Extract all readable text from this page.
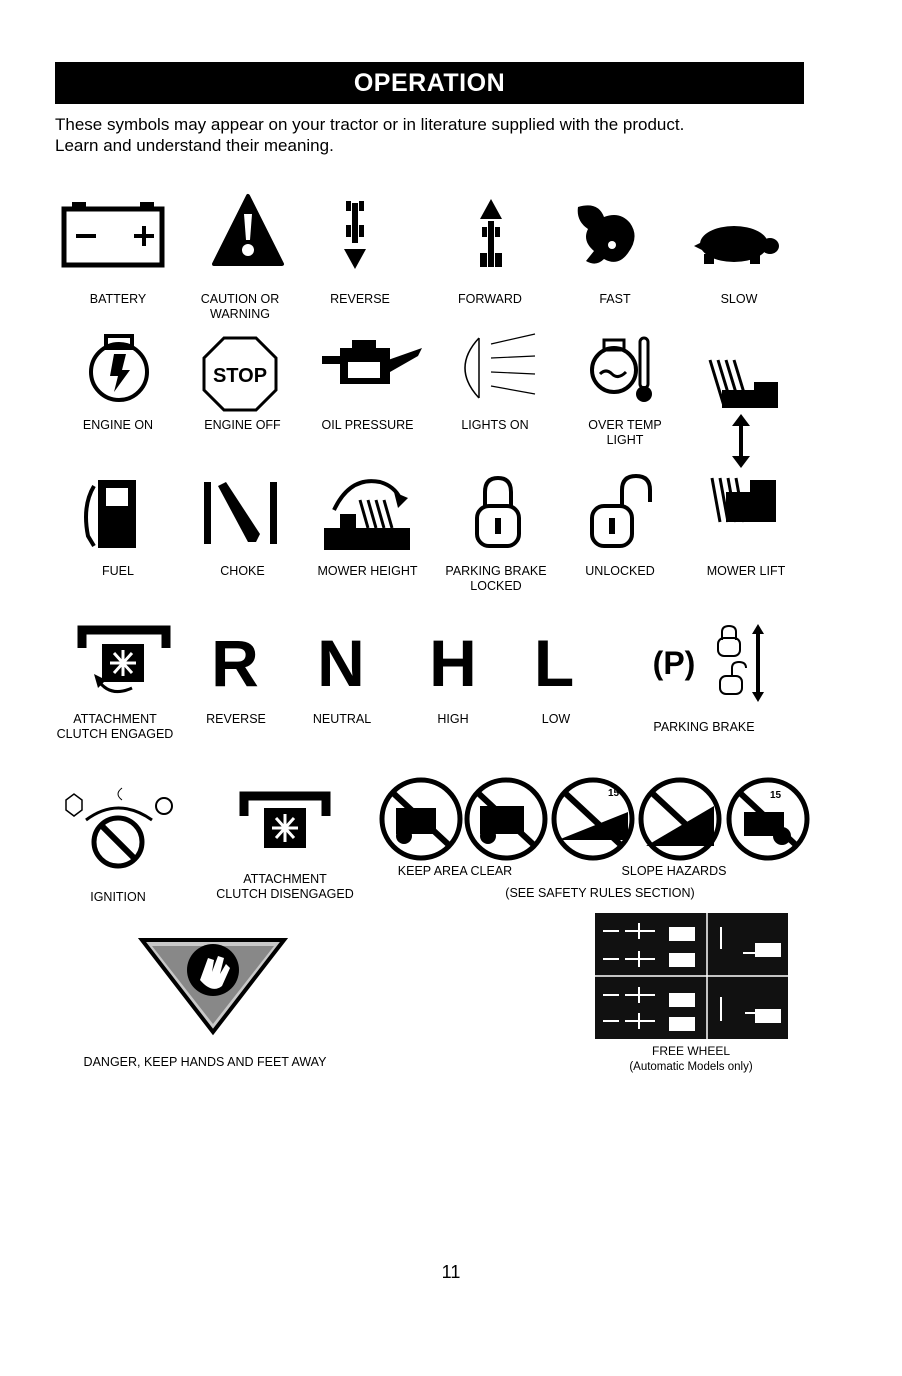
OPERATION
These symbols may appear on your tractor or in literature supplied with the product.
Learn and understand their meaning.
BATTERY	CAUTION OR
WARNING
REVERSE	FORWARD	FAST	SLOW
STOP
ENGINE ON	ENGINE OFF	OIL PRESSURE	LIGHTS ON	OVER TEMP
LIGHT
FUEL	CHOKE	MOWER HEIGHT	PARKING BRAKE
LOCKED
UNLOCKED	MOWER LIFT
R N H L	(P)
ATTACHMENT
CLUTCH ENGAGED
REVERSE	NEUTRAL	HIGH	LOW
PARKING BRAKE
15	15
IGNITION
ATTACHMENT
CLUTCH DISENGAGED
KEEP AREA CLEAR	SLOPE HAZARDS
(SEE SAFETY RULES SECTION)
FREE WHEEL
(Automatic Models only)
DANGER, KEEP HANDS AND FEET AWAY
11
